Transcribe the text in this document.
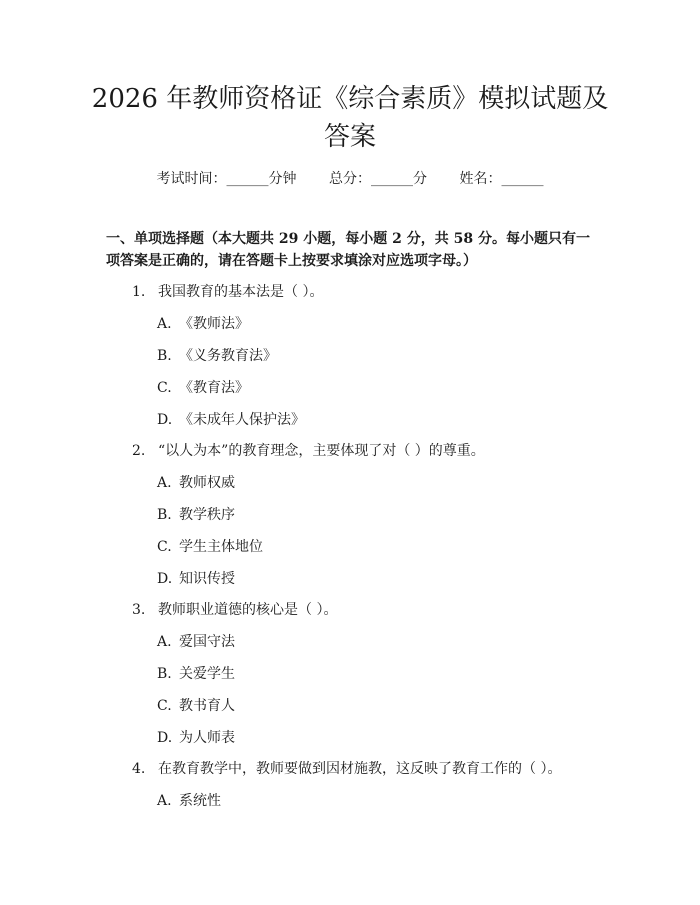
2026 年教师资格证《综合素质》模拟试题及答案
考试时间：______分钟 总分：______分 姓名：______

一、单项选择题（本大题共 29 小题，每小题 2 分，共 58 分。每小题只有一项答案是正确的，请在答题卡上按要求填涂对应选项字母。）

1. 我国教育的基本法是（ ）。
A. 《教师法》
B. 《义务教育法》
C. 《教育法》
D. 《未成年人保护法》
2. “以人为本”的教育理念，主要体现了对（ ）的尊重。
A. 教师权威
B. 教学秩序
C. 学生主体地位
D. 知识传授
3. 教师职业道德的核心是（ ）。
A. 爱国守法
B. 关爱学生
C. 教书育人
D. 为人师表
4. 在教育教学中，教师要做到因材施教，这反映了教育工作的（ ）。
A. 系统性
